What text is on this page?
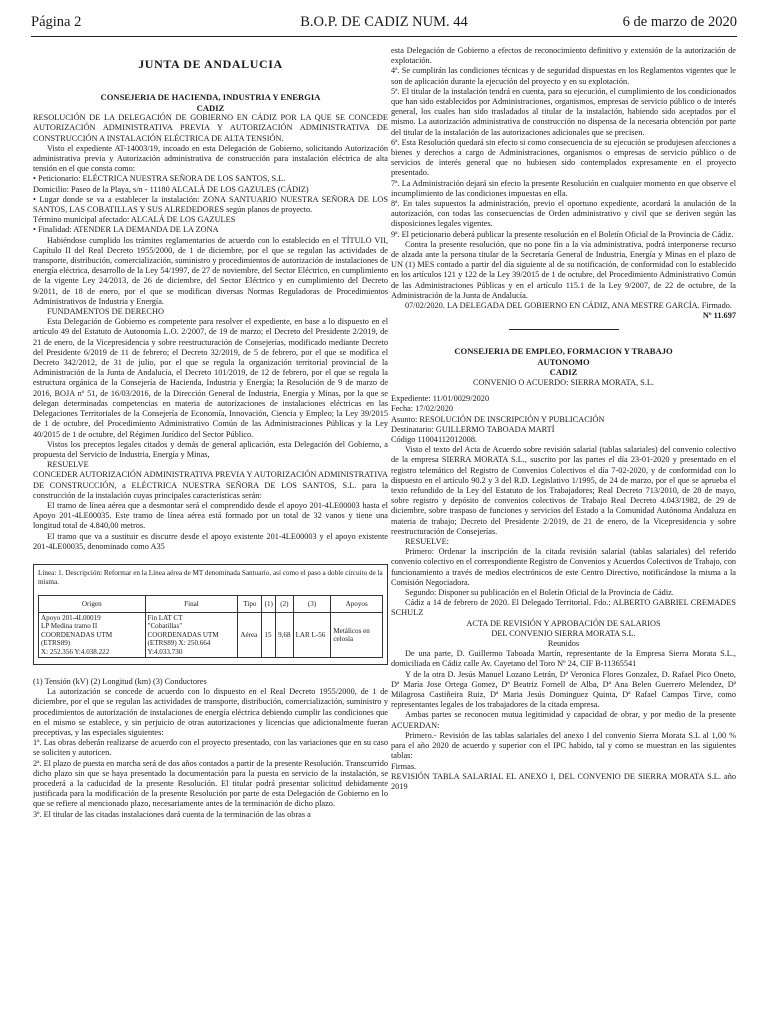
Página 2	B.O.P. DE CADIZ NUM. 44	6 de marzo de 2020

JUNTA DE ANDALUCIA

CONSEJERIA DE HACIENDA, INDUSTRIA Y ENERGIA

CADIZ

RESOLUCIÓN DE LA DELEGACIÓN DE GOBIERNO EN CÁDIZ POR LA QUE SE CONCEDE AUTORIZACIÓN ADMINISTRATIVA PREVIA Y AUTORIZACIÓN ADMINISTRATIVA DE CONSTRUCCIÓN A INSTALACIÓN ELÉCTRICA DE ALTA TENSIÓN.

Visto el expediente AT-14003/19, incoado en esta Delegación de Gobierno, solicitando Autorización administrativa previa y Autorización administrativa de construcción para instalación eléctrica de alta tensión en el que consta como:

• Peticionario: ELÉCTRICA NUESTRA SEÑORA DE LOS SANTOS, S.L.

Domicilio: Paseo de la Playa, s/n - 11180 ALCALÁ DE LOS GAZULES (CÁDIZ)

• Lugar donde se va a establecer la instalación: ZONA SANTUARIO NUESTRA SEÑORA DE LOS SANTOS, LAS COBATILLAS Y SUS ALREDEDORES según planos de proyecto.

Término municipal afectado: ALCALÁ DE LOS GAZULES

• Finalidad: ATENDER LA DEMANDA DE LA ZONA

Habiéndose cumplido los trámites reglamentarios de acuerdo con lo establecido en el TÍTULO VII, Capítulo II del Real Decreto 1955/2000, de 1 de diciembre, por el que se regulan las actividades de transporte, distribución, comercialización, suministro y procedimientos de autorización de instalaciones de energía eléctrica, desarrollo de la Ley 54/1997, de 27 de noviembre, del Sector Eléctrico, en cumplimiento de la vigente Ley 24/2013, de 26 de diciembre, del Sector Eléctrico y en cumplimiento del Decreto 9/2011, de 18 de enero, por el que se modifican diversas Normas Reguladoras de Procedimientos Administrativos de Industria y Energía.

FUNDAMENTOS DE DERECHO

Esta Delegación de Gobierno es competente para resolver el expediente, en base a lo dispuesto en el artículo 49 del Estatuto de Autonomía L.O. 2/2007, de 19 de marzo; el Decreto del Presidente 2/2019, de 21 de enero, de la Vicepresidencia y sobre reestructuración de Consejerías, modificado mediante Decreto del Presidente 6/2019 de 11 de febrero; el Decreto 32/2019, de 5 de febrero, por el que se modifica el Decreto 342/2012, de 31 de julio, por el que se regula la organización territorial provincial de la Administración de la Junta de Andalucía, el Decreto 101/2019, de 12 de febrero, por el que se regula la estructura orgánica de la Consejería de Hacienda, Industria y Energía; la Resolución de 9 de marzo de 2016, BOJA nº 51, de 16/03/2016, de la Dirección General de Industria, Energía y Minas, por la que se delegan determinadas competencias en materia de autorizaciones de instalaciones eléctricas en las Delegaciones Territoriales de la Consejería de Economía, Innovación, Ciencia y Empleo; la Ley 39/2015 de 1 de octubre, del Procedimiento Administrativo Común de las Administraciones Públicas y la Ley 40/2015 de 1 de octubre, del Régimen Jurídico del Sector Público.

Vistos los preceptos legales citados y demás de general aplicación, esta Delegación del Gobierno, a propuesta del Servicio de Industria, Energía y Minas,

RESUELVE

CONCEDER AUTORIZACIÓN ADMINISTRATIVA PREVIA Y AUTORIZACIÓN ADMINISTRATIVA DE CONSTRUCCIÓN, a ELÉCTRICA NUESTRA SEÑORA DE LOS SANTOS, S.L. para la construcción de la instalación cuyas principales características serán:

El tramo de línea aérea que a desmontar será el comprendido desde el apoyo 201-4LE00003 hasta el Apoyo 201-4LE00035. Este tramo de línea aérea está formado por un total de 32 vanos y tiene una longitud total de 4.840,00 metros.

El tramo que va a sustituir es discurre desde el apoyo existente 201-4LE00003 y el apoyo existente 201-4LE00035, denominado como A35

Línea: 1. Descripción: Reformar en la Línea aérea de MT denominada Santuario, así como el paso a doble circuito de la misma.

Origen	Final	Tipo	(1)	(2)	(3)	Apoyos
Apoyo 201-4L00019
LP Medina tramo II
COORDENADAS UTM (ETRS89)
X: 252.356 Y:4.038.222	Fin LAT CT
"Cobatillas"
COORDENADAS UTM (ETRS89) X: 250.664 Y:4.033.730	Aérea	15	9,68	LAR L-56	Metálicos en celosía

(1) Tensión (kV) (2) Longitud (km) (3) Conductores

La autorización se concede de acuerdo con lo dispuesto en el Real Decreto 1955/2000, de 1 de diciembre, por el que se regulan las actividades de transporte, distribución, comercialización, suministro y procedimientos de autorización de instalaciones de energía eléctrica debiendo cumplir las condiciones que en el mismo se establece, y sin perjuicio de otras autorizaciones y licencias que adicionalmente fueran preceptivas, y las especiales siguientes:

1ª. Las obras deberán realizarse de acuerdo con el proyecto presentado, con las variaciones que en su caso se soliciten y autoricen.

2ª. El plazo de puesta en marcha será de dos años contados a partir de la presente Resolución. Transcurrido dicho plazo sin que se haya presentado la documentación para la puesta en servicio de la instalación, se procederá a la caducidad de la presente Resolución. El titular podrá presentar solicitud debidamente justificada para la modificación de la presente Resolución por parte de esta Delegación de Gobierno en lo que se refiere al mencionado plazo, necesariamente antes de la terminación de dicho plazo.

3ª. El titular de las citadas instalaciones dará cuenta de la terminación de las obras a

esta Delegación de Gobierno a efectos de reconocimiento definitivo y extensión de la autorización de explotación.

4ª. Se cumplirán las condiciones técnicas y de seguridad dispuestas en los Reglamentos vigentes que le son de aplicación durante la ejecución del proyecto y en su explotación.

5ª. El titular de la instalación tendrá en cuenta, para su ejecución, el cumplimiento de los condicionados que han sido establecidos por Administraciones, organismos, empresas de servicio público o de interés general, los cuales han sido trasladados al titular de la instalación, habiendo sido aceptados por el mismo. La autorización administrativa de construcción no dispensa de la necesaria obtención por parte del titular de la instalación de las autorizaciones adicionales que se precisen.

6ª. Esta Resolución quedará sin efecto si como consecuencia de su ejecución se produjesen afecciones a bienes y derechos a cargo de Administraciones, organismos o empresas de servicio público o de servicios de interés general que no hubiesen sido contemplados expresamente en el proyecto presentado.

7ª. La Administración dejará sin efecto la presente Resolución en cualquier momento en que observe el incumplimiento de las condiciones impuestas en ella.

8ª. En tales supuestos la administración, previo el oportuno expediente, acordará la anulación de la autorización, con todas las consecuencias de Orden administrativo y civil que se deriven según las disposiciones legales vigentes.

9ª. El peticionario deberá publicar la presente resolución en el Boletín Oficial de la Provincia de Cádiz.

Contra la presente resolución, que no pone fin a la vía administrativa, podrá interponerse recurso de alzada ante la persona titular de la Secretaría General de Industria, Energía y Minas en el plazo de UN (1) MES contado a partir del día siguiente al de su notificación, de conformidad con lo establecido en los artículos 121 y 122 de la Ley 39/2015 de 1 de octubre, del Procedimiento Administrativo Común de las Administraciones Públicas y en el artículo 115.1 de la Ley 9/2007, de 22 de octubre, de la Administración de la Junta de Andalucía.

07/02/2020. LA DELEGADA DEL GOBIERNO EN CÁDIZ, ANA MESTRE GARCÍA. Firmado.

Nº 11.697

CONSEJERIA DE EMPLEO, FORMACION Y TRABAJO AUTONOMO

CADIZ

CONVENIO O ACUERDO: SIERRA MORATA, S.L.

Expediente: 11/01/0029/2020

Fecha: 17/02/2020

Asunto: RESOLUCIÓN DE INSCRIPCIÓN Y PUBLICACIÓN

Destinatario: GUILLERMO TABOADA MARTÍ

Código 11004112012008.

Visto el texto del Acta de Acuerdo sobre revisión salarial (tablas salariales) del convenio colectivo de la empresa SIERRA MORATA S.L., suscrito por las partes el día 23-01-2020 y presentado en el registro telemático del Registro de Convenios Colectivos el día 7-02-2020, y de conformidad con lo dispuesto en el artículo 90.2 y 3 del R.D. Legislativo 1/1995, de 24 de marzo, por el que se aprueba el texto refundido de la Ley del Estatuto de los Trabajadores; Real Decreto 713/2010, de 28 de mayo, sobre registro y depósito de convenios colectivos de Trabajo Real Decreto 4.043/1982, de 29 de diciembre, sobre traspaso de funciones y servicios del Estado a la Comunidad Autónoma Andaluza en materia de trabajo; Decreto del Presidente 2/2019, de 21 de enero, de la Vicepresidencia y sobre reestructuración de Consejerías.

RESUELVE:

Primero: Ordenar la inscripción de la citada revisión salarial (tablas salariales) del referido convenio colectivo en el correspondiente Registro de Convenios y Acuerdos Colectivos de Trabajo, con funcionamiento a través de medios electrónicos de este Centro Directivo, notificándose la misma a la Comisión Negociadora.

Segundo: Disponer su publicación en el Boletín Oficial de la Provincia de Cádiz.

Cádiz a 14 de febrero de 2020. El Delegado Territorial. Fdo.: ALBERTO GABRIEL CREMADES SCHULZ

ACTA DE REVISIÓN Y APROBACIÓN DE SALARIOS

DEL CONVENIO SIERRA MORATA S.L.

Reunidos

De una parte, D. Guillermo Taboada Martín, representante de la Empresa Sierra Morata S.L., domiciliada en Cádiz calle Av. Cayetano del Toro Nº 24, CIF B-11365541

Y de la otra D. Jesús Manuel Lozano Letrán, Dª Veronica Flores Gonzalez, D. Rafael Pico Oneto, Dª María Jose Ortega Gomez, Dª Beatriz Fornell de Alba, Dª Ana Belen Guerrero Melendez, Dª Milagrosa Castiñeira Ruiz, Dª Maria Jesús Dominguez Quinta, Dª Rafael Campos Tirve, como representantes legales de los trabajadores de la citada empresa.

Ambas partes se reconocen mutua legitimidad y capacidad de obrar, y por medio de la presente ACUERDAN:

Primero.- Revisión de las tablas salariales del anexo I del convenio Sierra Morata S.L al 1,00 % para el año 2020 de acuerdo y superior con el IPC habido, tal y como se muestran en las siguientes tablas:

Firmas.

REVISIÓN TABLA SALARIAL EL ANEXO I, DEL CONVENIO DE SIERRA MORATA S.L. año 2019
